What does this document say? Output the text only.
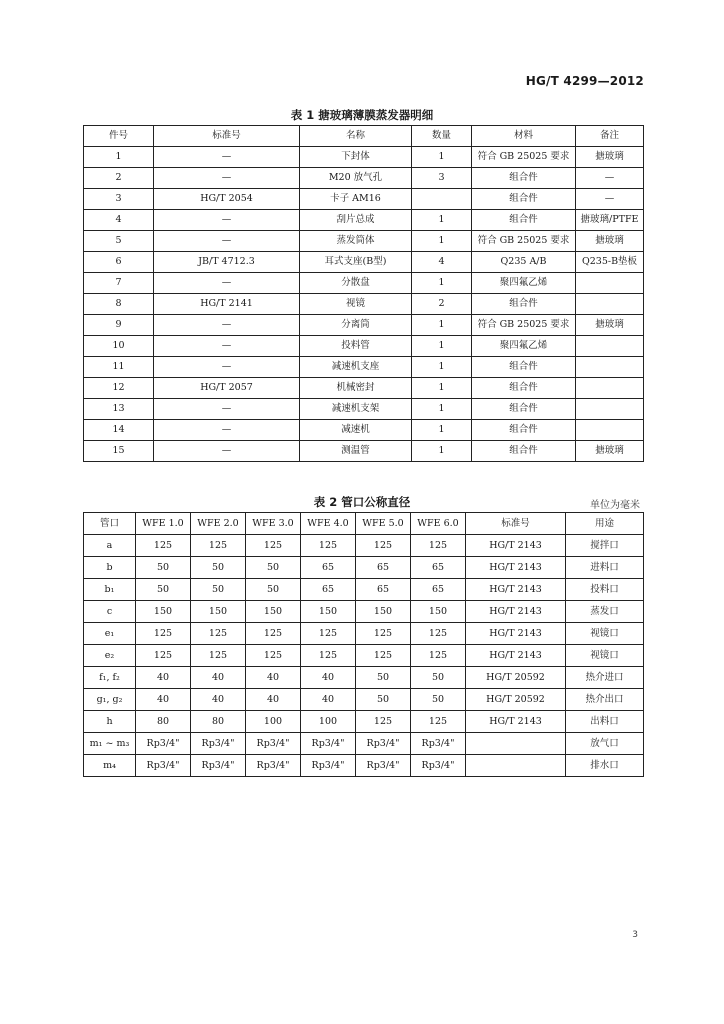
HG/T 4299—2012
表 1 搪玻璃薄膜蒸发器明细
件号	标准号	名称	数量	材料	备注
1	—	下封体	1	符合 GB 25025 要求	搪玻璃
2	—	M20 放气孔	3	组合件	—
3	HG/T 2054	卡子 AM16		组合件	—
4	—	刮片总成	1	组合件	搪玻璃/PTFE
5	—	蒸发筒体	1	符合 GB 25025 要求	搪玻璃
6	JB/T 4712.3	耳式支座(B型)	4	Q235 A/B	Q235-B垫板
7	—	分散盘	1	聚四氟乙烯	
8	HG/T 2141	视镜	2	组合件	
9	—	分离筒	1	符合 GB 25025 要求	搪玻璃
10	—	投料管	1	聚四氟乙烯	
11	—	减速机支座	1	组合件	
12	HG/T 2057	机械密封	1	组合件	
13	—	减速机支架	1	组合件	
14	—	减速机	1	组合件	
15	—	测温管	1	组合件	搪玻璃
表 2 管口公称直径	单位为毫米
管口	WFE 1.0	WFE 2.0	WFE 3.0	WFE 4.0	WFE 5.0	WFE 6.0	标准号	用途
a	125	125	125	125	125	125	HG/T 2143	搅拌口
b	50	50	50	65	65	65	HG/T 2143	进料口
b₁	50	50	50	65	65	65	HG/T 2143	投料口
c	150	150	150	150	150	150	HG/T 2143	蒸发口
e₁	125	125	125	125	125	125	HG/T 2143	视镜口
e₂	125	125	125	125	125	125	HG/T 2143	视镜口
f₁, f₂	40	40	40	40	50	50	HG/T 20592	热介进口
g₁, g₂	40	40	40	40	50	50	HG/T 20592	热介出口
h	80	80	100	100	125	125	HG/T 2143	出料口
m₁ ~ m₃	Rp3/4"	Rp3/4"	Rp3/4"	Rp3/4"	Rp3/4"	Rp3/4"		放气口
m₄	Rp3/4"	Rp3/4"	Rp3/4"	Rp3/4"	Rp3/4"	Rp3/4"		排水口
3
